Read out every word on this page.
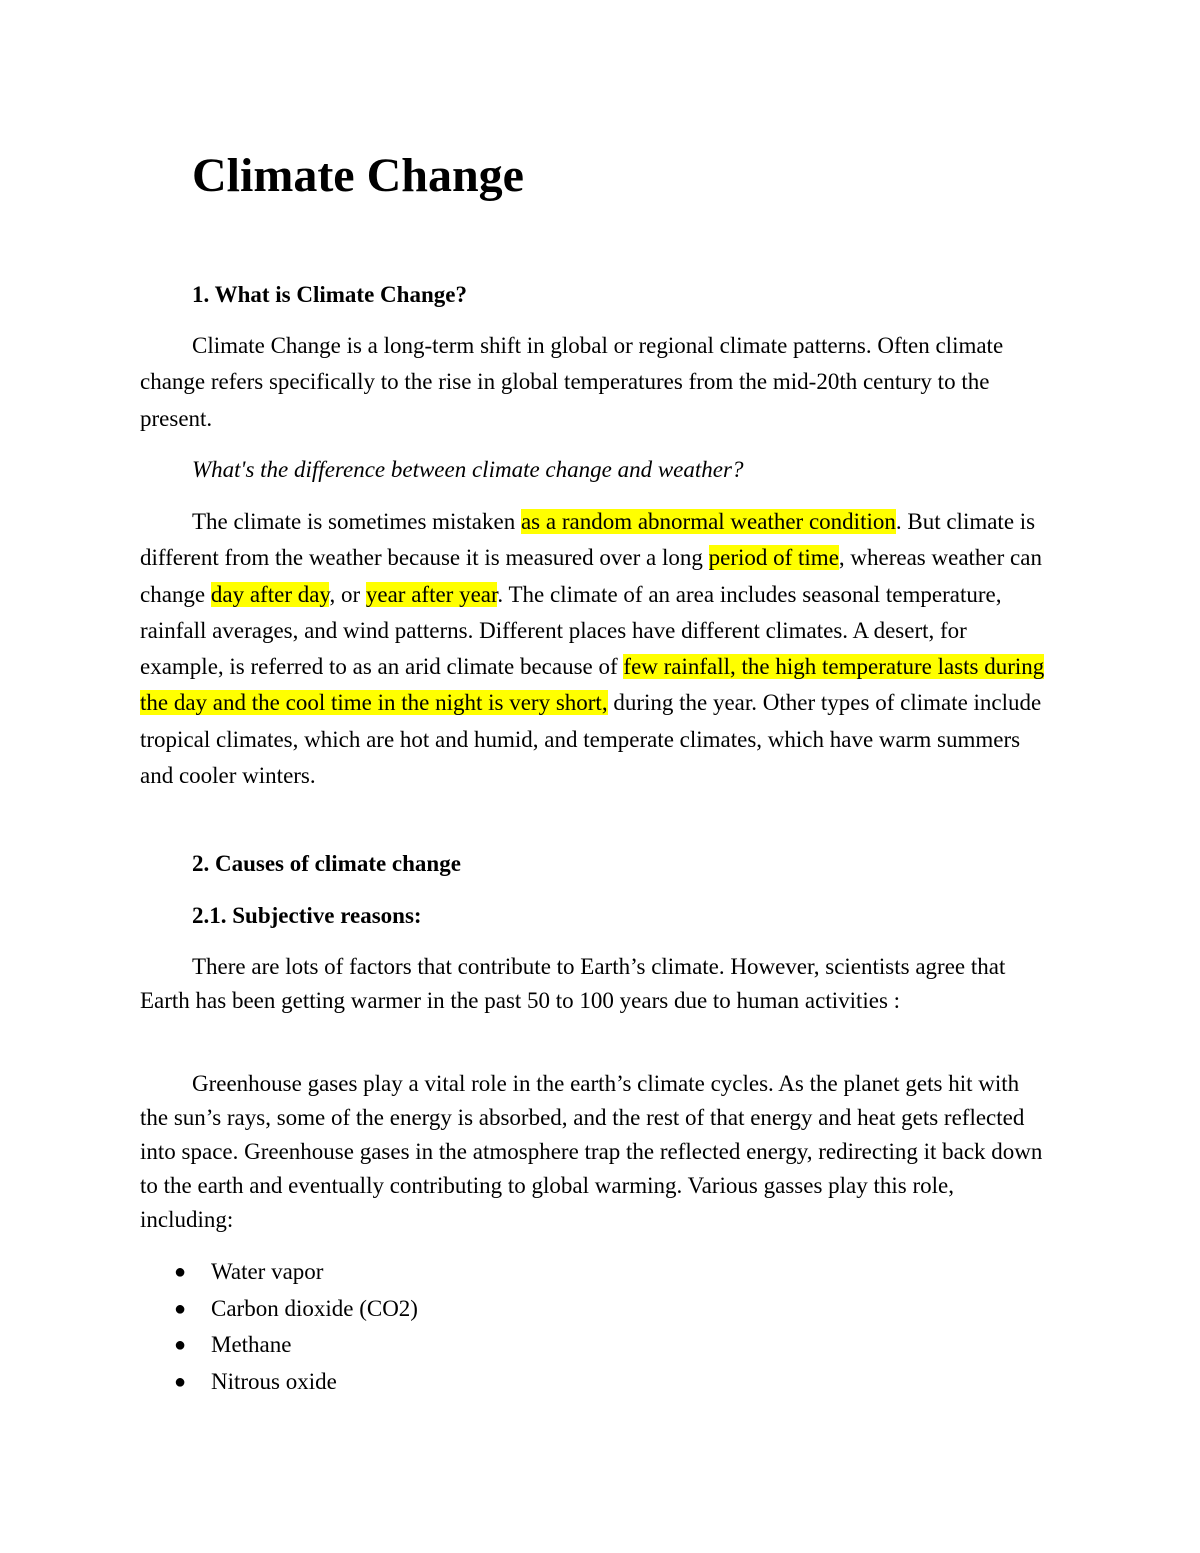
Climate Change
1. What is Climate Change?

Climate Change is a long-term shift in global or regional climate patterns. Often climate change refers specifically to the rise in global temperatures from the mid-20th century to the present.

What's the difference between climate change and weather?

The climate is sometimes mistaken as a random abnormal weather condition. But climate is different from the weather because it is measured over a long period of time, whereas weather can change day after day, or year after year. The climate of an area includes seasonal temperature, rainfall averages, and wind patterns. Different places have different climates. A desert, for example, is referred to as an arid climate because of few rainfall, the high temperature lasts during the day and the cool time in the night is very short, during the year. Other types of climate include tropical climates, which are hot and humid, and temperate climates, which have warm summers and cooler winters.

2. Causes of climate change
2.1. Subjective reasons:

There are lots of factors that contribute to Earth’s climate. However, scientists agree that Earth has been getting warmer in the past 50 to 100 years due to human activities :

Greenhouse gases play a vital role in the earth’s climate cycles. As the planet gets hit with the sun’s rays, some of the energy is absorbed, and the rest of that energy and heat gets reflected into space. Greenhouse gases in the atmosphere trap the reflected energy, redirecting it back down to the earth and eventually contributing to global warming. Various gasses play this role, including:

● Water vapor
● Carbon dioxide (CO2)
● Methane
● Nitrous oxide
